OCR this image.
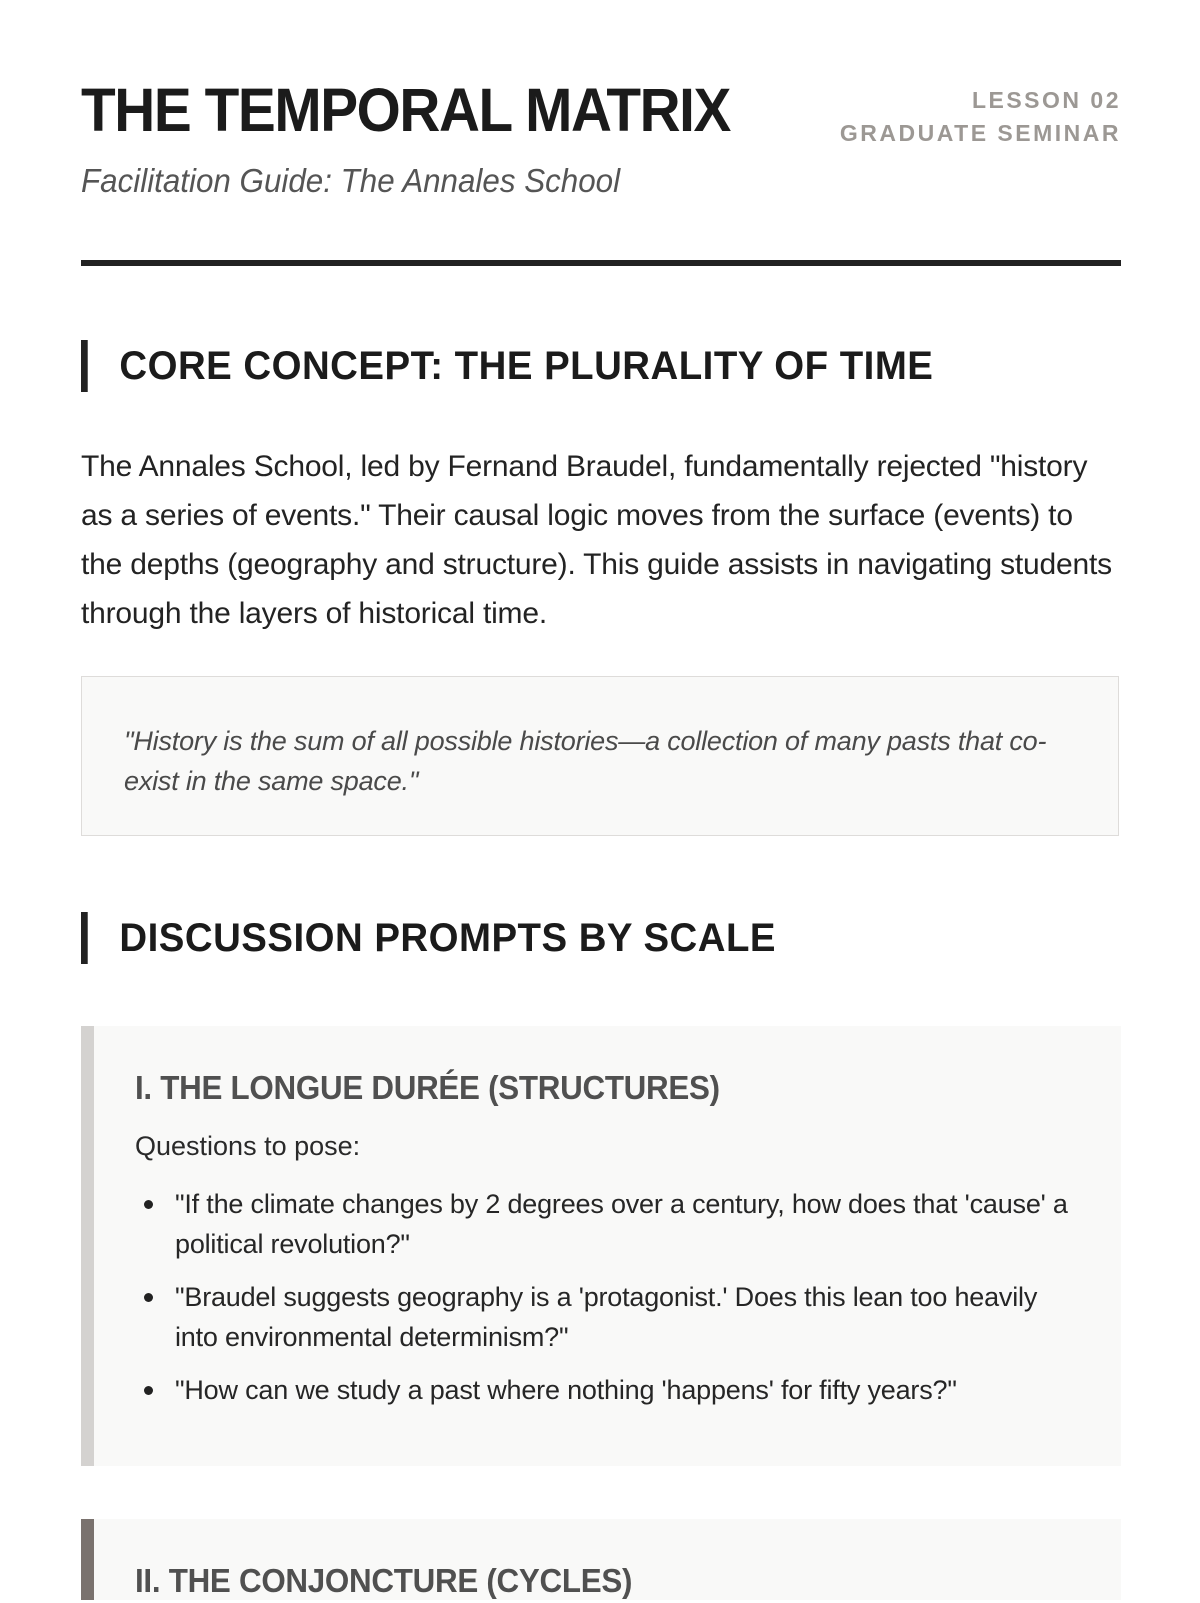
THE TEMPORAL MATRIX

Facilitation Guide: The Annales School

LESSON 02
GRADUATE SEMINAR
CORE CONCEPT: THE PLURALITY OF TIME

The Annales School, led by Fernand Braudel, fundamentally rejected "history as a series of events." Their causal logic moves from the surface (events) to the depths (geography and structure). This guide assists in navigating students through the layers of historical time.

"History is the sum of all possible histories—a collection of many pasts that co-exist in the same space."

DISCUSSION PROMPTS BY SCALE
I. THE LONGUE DURÉE (STRUCTURES)

Questions to pose:

"If the climate changes by 2 degrees over a century, how does that 'cause' a political revolution?"
"Braudel suggests geography is a 'protagonist.' Does this lean too heavily into environmental determinism?"
"How can we study a past where nothing 'happens' for fifty years?"
II. THE CONJONCTURE (CYCLES)
